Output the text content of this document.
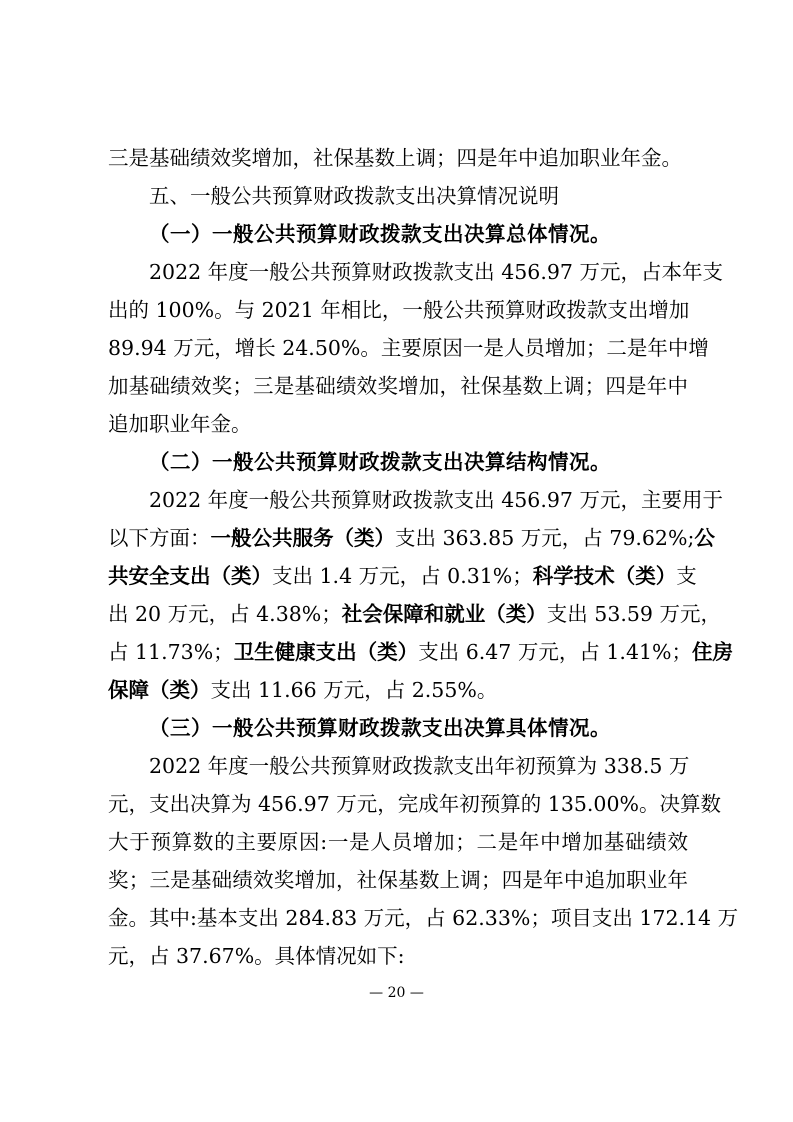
三是基础绩效奖增加，社保基数上调；四是年中追加职业年金。
五、一般公共预算财政拨款支出决算情况说明
（一）一般公共预算财政拨款支出决算总体情况。
2022 年度一般公共预算财政拨款支出 456.97 万元，占本年支
出的 100%。与 2021 年相比，一般公共预算财政拨款支出增加
89.94 万元，增长 24.50%。主要原因一是人员增加；二是年中增
加基础绩效奖；三是基础绩效奖增加，社保基数上调；四是年中
追加职业年金。
（二）一般公共预算财政拨款支出决算结构情况。
2022 年度一般公共预算财政拨款支出 456.97 万元，主要用于
以下方面：一般公共服务（类）支出 363.85 万元，占 79.62%;公
共安全支出（类）支出 1.4 万元，占 0.31%；科学技术（类）支
出 20 万元，占 4.38%；社会保障和就业（类）支出 53.59 万元，
占 11.73%；卫生健康支出（类）支出 6.47 万元，占 1.41%；住房
保障（类）支出 11.66 万元，占 2.55%。
（三）一般公共预算财政拨款支出决算具体情况。
2022 年度一般公共预算财政拨款支出年初预算为 338.5 万
元，支出决算为 456.97 万元，完成年初预算的 135.00%。决算数
大于预算数的主要原因:一是人员增加；二是年中增加基础绩效
奖；三是基础绩效奖增加，社保基数上调；四是年中追加职业年
金。其中:基本支出 284.83 万元，占 62.33%；项目支出 172.14 万
元，占 37.67%。具体情况如下:
— 20 —
